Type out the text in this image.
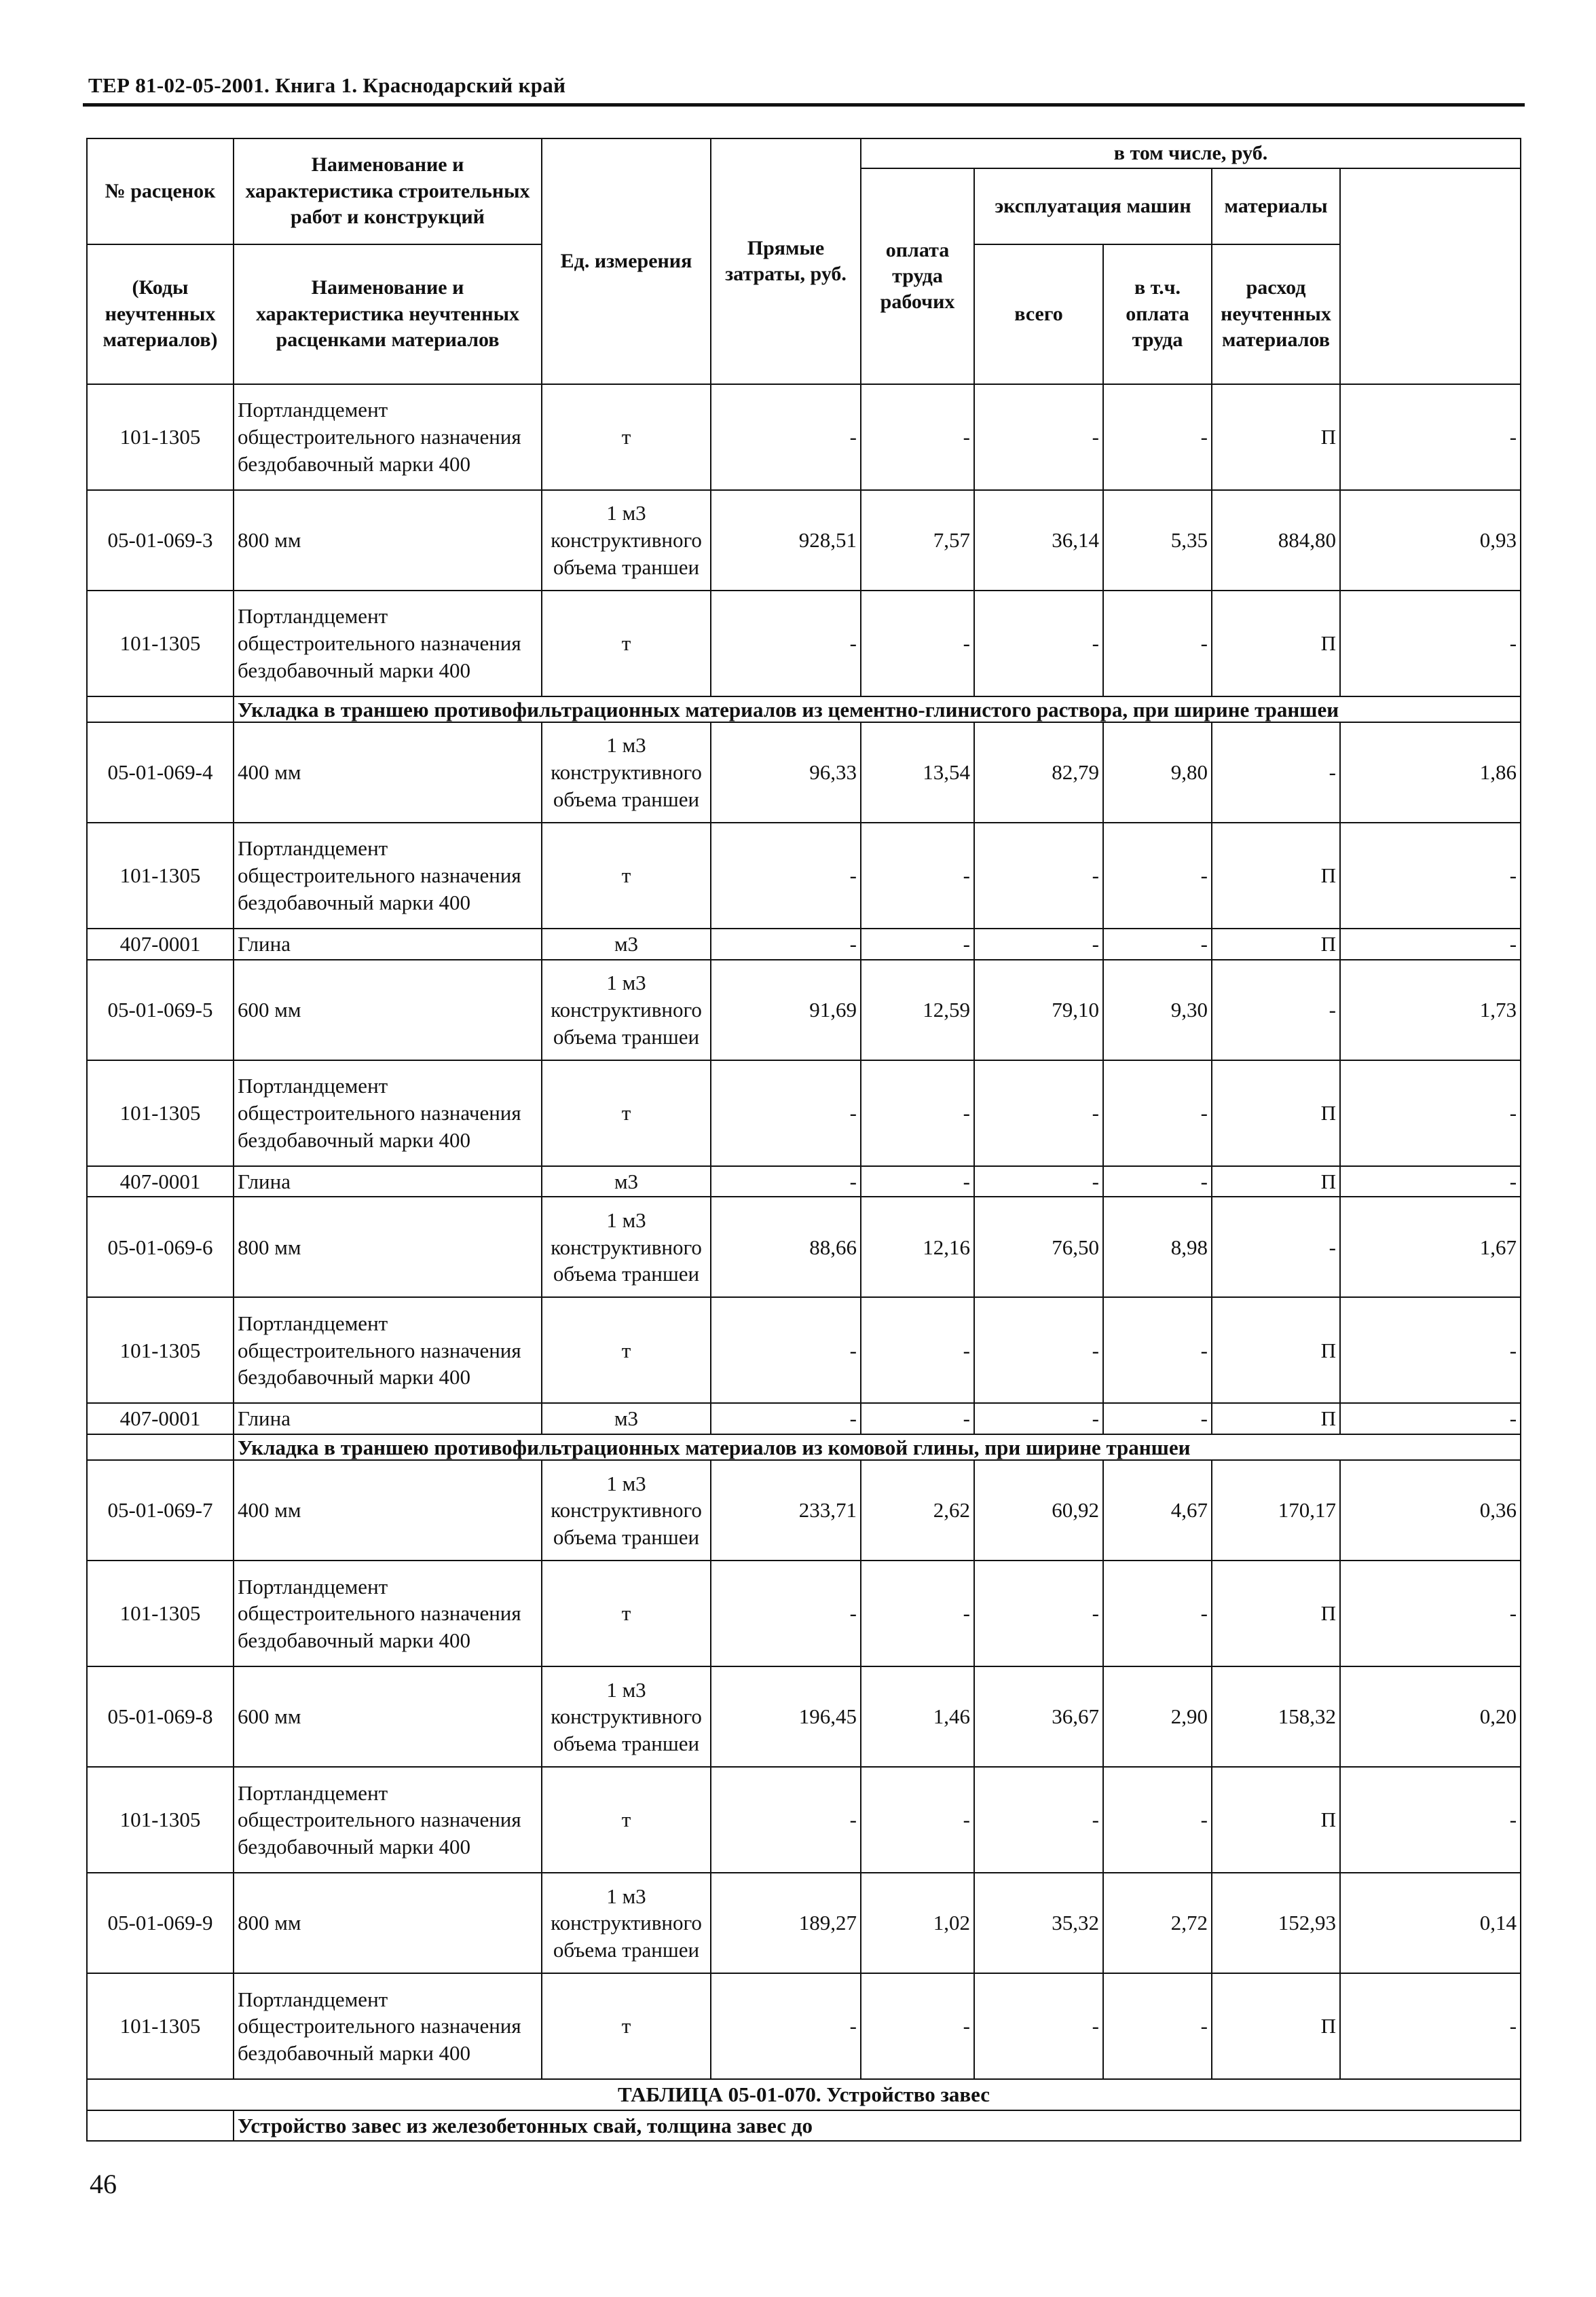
ТЕР 81-02-05-2001. Книга 1. Краснодарский край
№ расценок	Наименование и характеристика строительных работ и конструкций	Ед. измерения	Прямые затраты, руб.	в том числе, руб.	
				оплата труда рабочих	эксплуатация машин		материалы		
(Коды неучтенных материалов)	Наименование и характеристика неучтенных расценками материалов				всего	в т.ч. оплата труда	расход неучтенных материалов		

101-1305	Портландцемент общестроительного назначения бездобавочный марки 400	т	-	-	-	-	П	-	
05-01-069-3	800 мм	1 м3 конструктивного объема траншеи	928,51	7,57	36,14	5,35	884,80	0,93	
101-1305	Портландцемент общестроительного назначения бездобавочный марки 400	т	-	-	-	-	П	-	
	Укладка в траншею противофильтрационных материалов из цементно-глинистого раствора, при ширине траншеи								
05-01-069-4	400 мм	1 м3 конструктивного объема траншеи	96,33	13,54	82,79	9,80	-	1,86	
101-1305	Портландцемент общестроительного назначения бездобавочный марки 400	т	-	-	-	-	П	-	
407-0001	Глина	м3	-	-	-	-	П	-	
05-01-069-5	600 мм	1 м3 конструктивного объема траншеи	91,69	12,59	79,10	9,30	-	1,73	
101-1305	Портландцемент общестроительного назначения бездобавочный марки 400	т	-	-	-	-	П	-	
407-0001	Глина	м3	-	-	-	-	П	-	
05-01-069-6	800 мм	1 м3 конструктивного объема траншеи	88,66	12,16	76,50	8,98	-	1,67	
101-1305	Портландцемент общестроительного назначения бездобавочный марки 400	т	-	-	-	-	П	-	
407-0001	Глина	м3	-	-	-	-	П	-	
	Укладка в траншею противофильтрационных материалов из комовой глины, при ширине траншеи								
05-01-069-7	400 мм	1 м3 конструктивного объема траншеи	233,71	2,62	60,92	4,67	170,17	0,36	
101-1305	Портландцемент общестроительного назначения бездобавочный марки 400	т	-	-	-	-	П	-	
05-01-069-8	600 мм	1 м3 конструктивного объема траншеи	196,45	1,46	36,67	2,90	158,32	0,20	
101-1305	Портландцемент общестроительного назначения бездобавочный марки 400	т	-	-	-	-	П	-	
05-01-069-9	800 мм	1 м3 конструктивного объема траншеи	189,27	1,02	35,32	2,72	152,93	0,14	
101-1305	Портландцемент общестроительного назначения бездобавочный марки 400	т	-	-	-	-	П	-	
ТАБЛИЦА 05-01-070. Устройство завес									
	Устройство завес из железобетонных свай, толщина завес до								
46
